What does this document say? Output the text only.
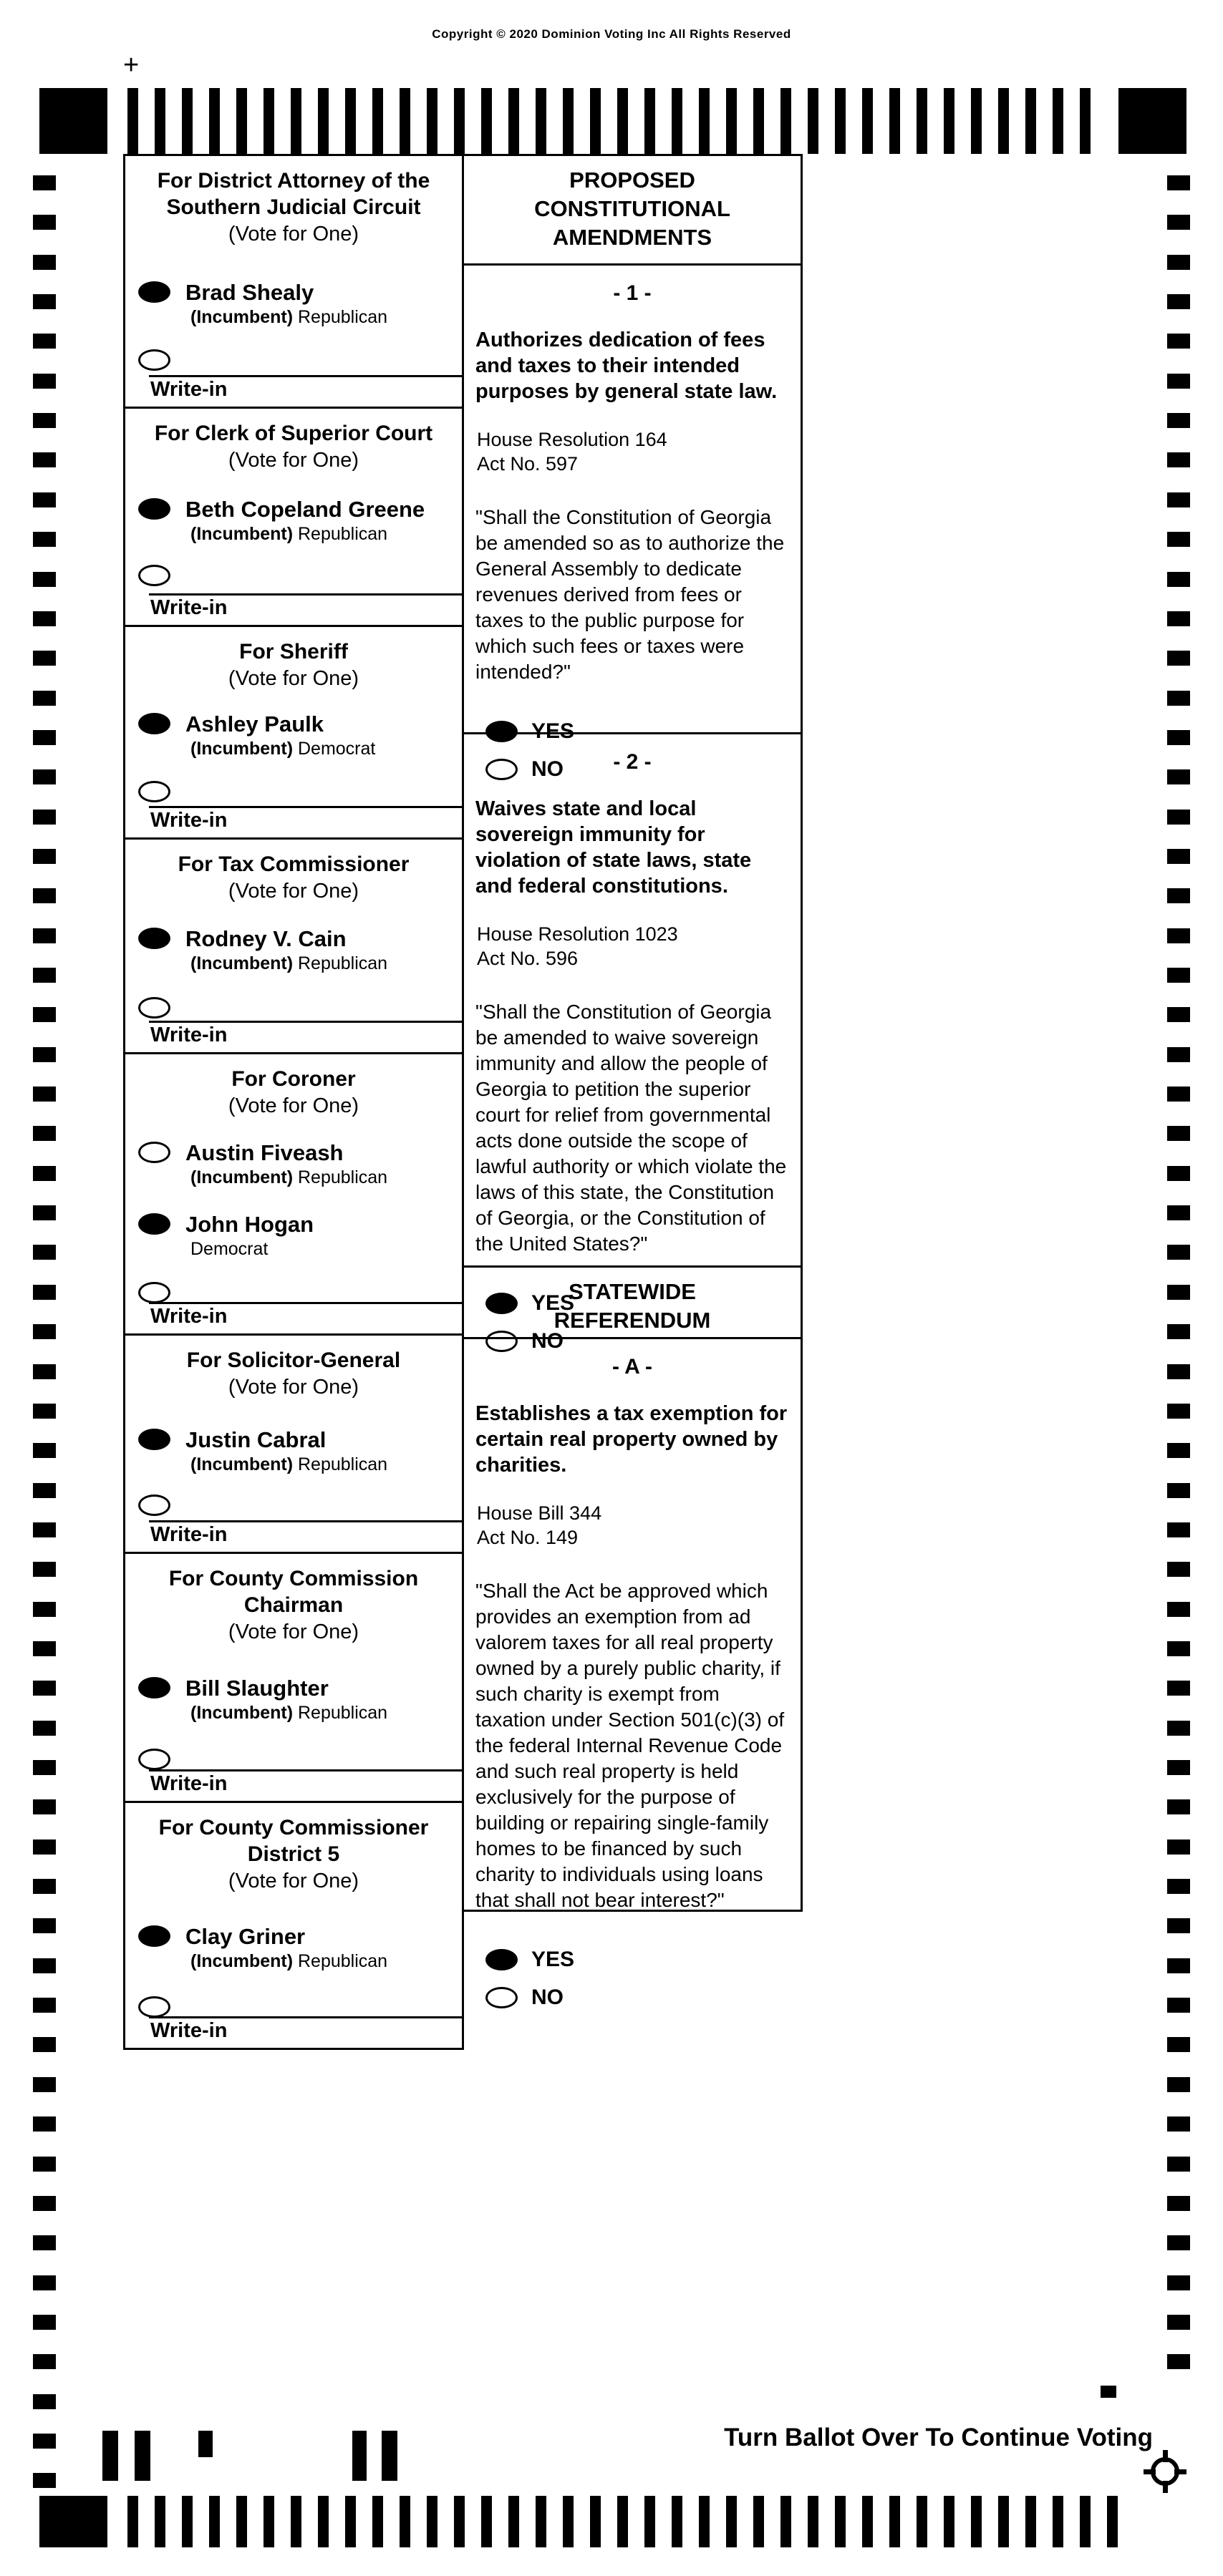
Copyright © 2020 Dominion Voting Inc All Rights Reserved
+
For District Attorney of the
Southern Judicial Circuit
(Vote for One)
Brad Shealy
(Incumbent) Republican
Write-in
For Clerk of Superior Court
(Vote for One)
Beth Copeland Greene
(Incumbent) Republican
Write-in
For Sheriff
(Vote for One)
Ashley Paulk
(Incumbent) Democrat
Write-in
For Tax Commissioner
(Vote for One)
Rodney V. Cain
(Incumbent) Republican
Write-in
For Coroner
(Vote for One)
Austin Fiveash
(Incumbent) Republican
John Hogan
Democrat
Write-in
For Solicitor-General
(Vote for One)
Justin Cabral
(Incumbent) Republican
Write-in
For County Commission
Chairman
(Vote for One)
Bill Slaughter
(Incumbent) Republican
Write-in
For County Commissioner
District 5
(Vote for One)
Clay Griner
(Incumbent) Republican
Write-in
PROPOSED
CONSTITUTIONAL
AMENDMENTS
- 1 -
Authorizes dedication of fees and taxes to their intended purposes by general state law.
House Resolution 164
Act No. 597
"Shall the Constitution of Georgia be amended so as to authorize the General Assembly to dedicate revenues derived from fees or taxes to the public purpose for which such fees or taxes were intended?"
YES
NO	- 2 -
Waives state and local sovereign immunity for violation of state laws, state and federal constitutions.
House Resolution 1023
Act No. 596
"Shall the Constitution of Georgia be amended to waive sovereign immunity and allow the people of Georgia to petition the superior court for relief from governmental acts done outside the scope of lawful authority or which violate the laws of this state, the Constitution of Georgia, or the Constitution of the United States?"
YES
NO
STATEWIDE
REFERENDUM
- A -
Establishes a tax exemption for certain real property owned by charities.
House Bill 344
Act No. 149
"Shall the Act be approved which provides an exemption from ad valorem taxes for all real property owned by a purely public charity, if such charity is exempt from taxation under Section 501(c)(3) of the federal Internal Revenue Code and such real property is held exclusively for the purpose of building or repairing single-family homes to be financed by such charity to individuals using loans that shall not bear interest?"
YES
NO
19	Turn Ballot Over To Continue Voting
